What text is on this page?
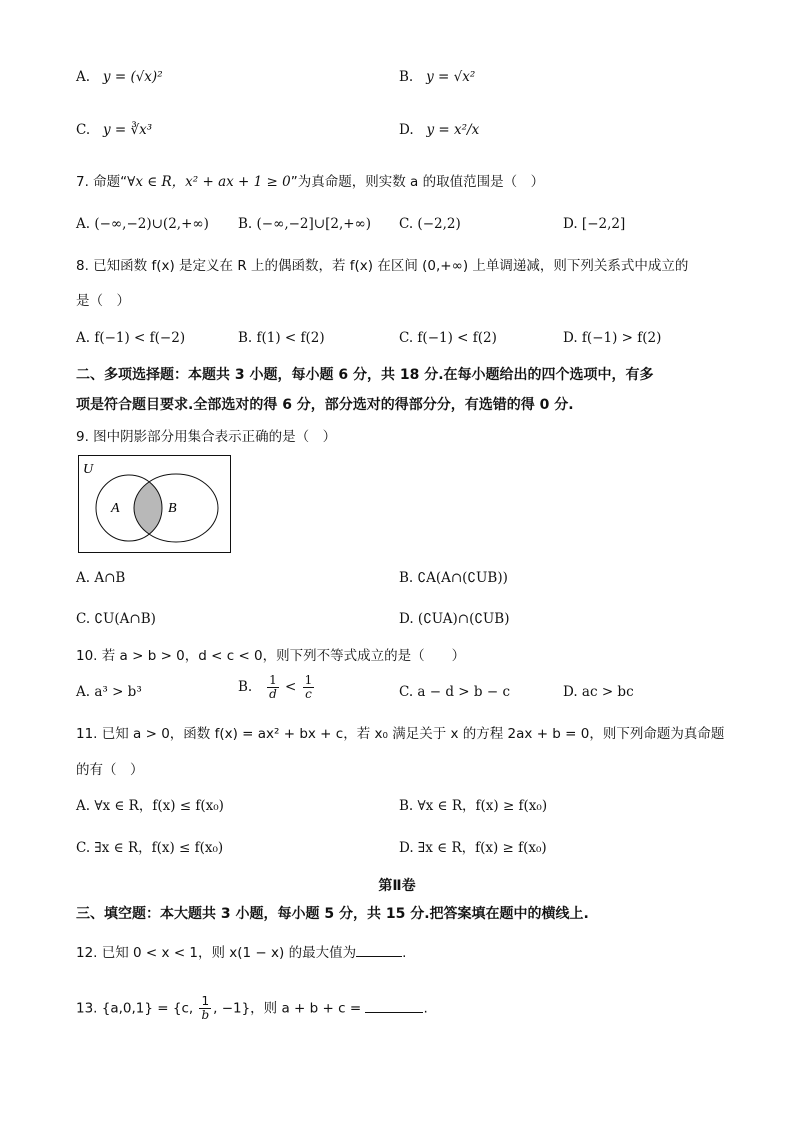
A. y = (√x)²	B. y = √x²
C. y = ∛x³	D. y = x²/x
7. 命题“∀x ∈ R，x² + ax + 1 ≥ 0”为真命题，则实数 a 的取值范围是（　）
A. (−∞,−2)∪(2,+∞) B. (−∞,−2]∪[2,+∞) C. (−2,2)	D. [−2,2]
8. 已知函数 f(x) 是定义在 R 上的偶函数，若 f(x) 在区间 (0,+∞) 上单调递减，则下列关系式中成立的
是（　）
A. f(−1) < f(−2)	B. f(1) < f(2)	C. f(−1) < f(2)	D. f(−1) > f(2)
二、多项选择题：本题共 3 小题，每小题 6 分，共 18 分.在每小题给出的四个选项中，有多
项是符合题目要求.全部选对的得 6 分，部分选对的得部分分，有选错的得 0 分.
9. 图中阴影部分用集合表示正确的是（　）
U
A	B
A. A∩B	B. ∁A(A∩(∁UB))
C. ∁U(A∩B)	D. (∁UA)∩(∁UB)
10. 若 a > b > 0，d < c < 0，则下列不等式成立的是（　　）
A. a³ > b³	B. $\frac{1}{d} < \frac{1}{c}$	C. a − d > b − c	D. ac > bc
11. 已知 a > 0，函数 f(x) = ax² + bx + c，若 x₀ 满足关于 x 的方程 2ax + b = 0，则下列命题为真命题
的有（　）
A. ∀x ∈ R，f(x) ≤ f(x₀)	B. ∀x ∈ R，f(x) ≥ f(x₀)
C. ∃x ∈ R，f(x) ≤ f(x₀)	D. ∃x ∈ R，f(x) ≥ f(x₀)
第Ⅱ卷
三、填空题：本大题共 3 小题，每小题 5 分，共 15 分.把答案填在题中的横线上.
12. 已知 0 < x < 1，则 x(1 − x) 的最大值为	.
13. {a,0,1} = {c, $\frac{1}{b}$ , −1}，则 a + b + c =	.
